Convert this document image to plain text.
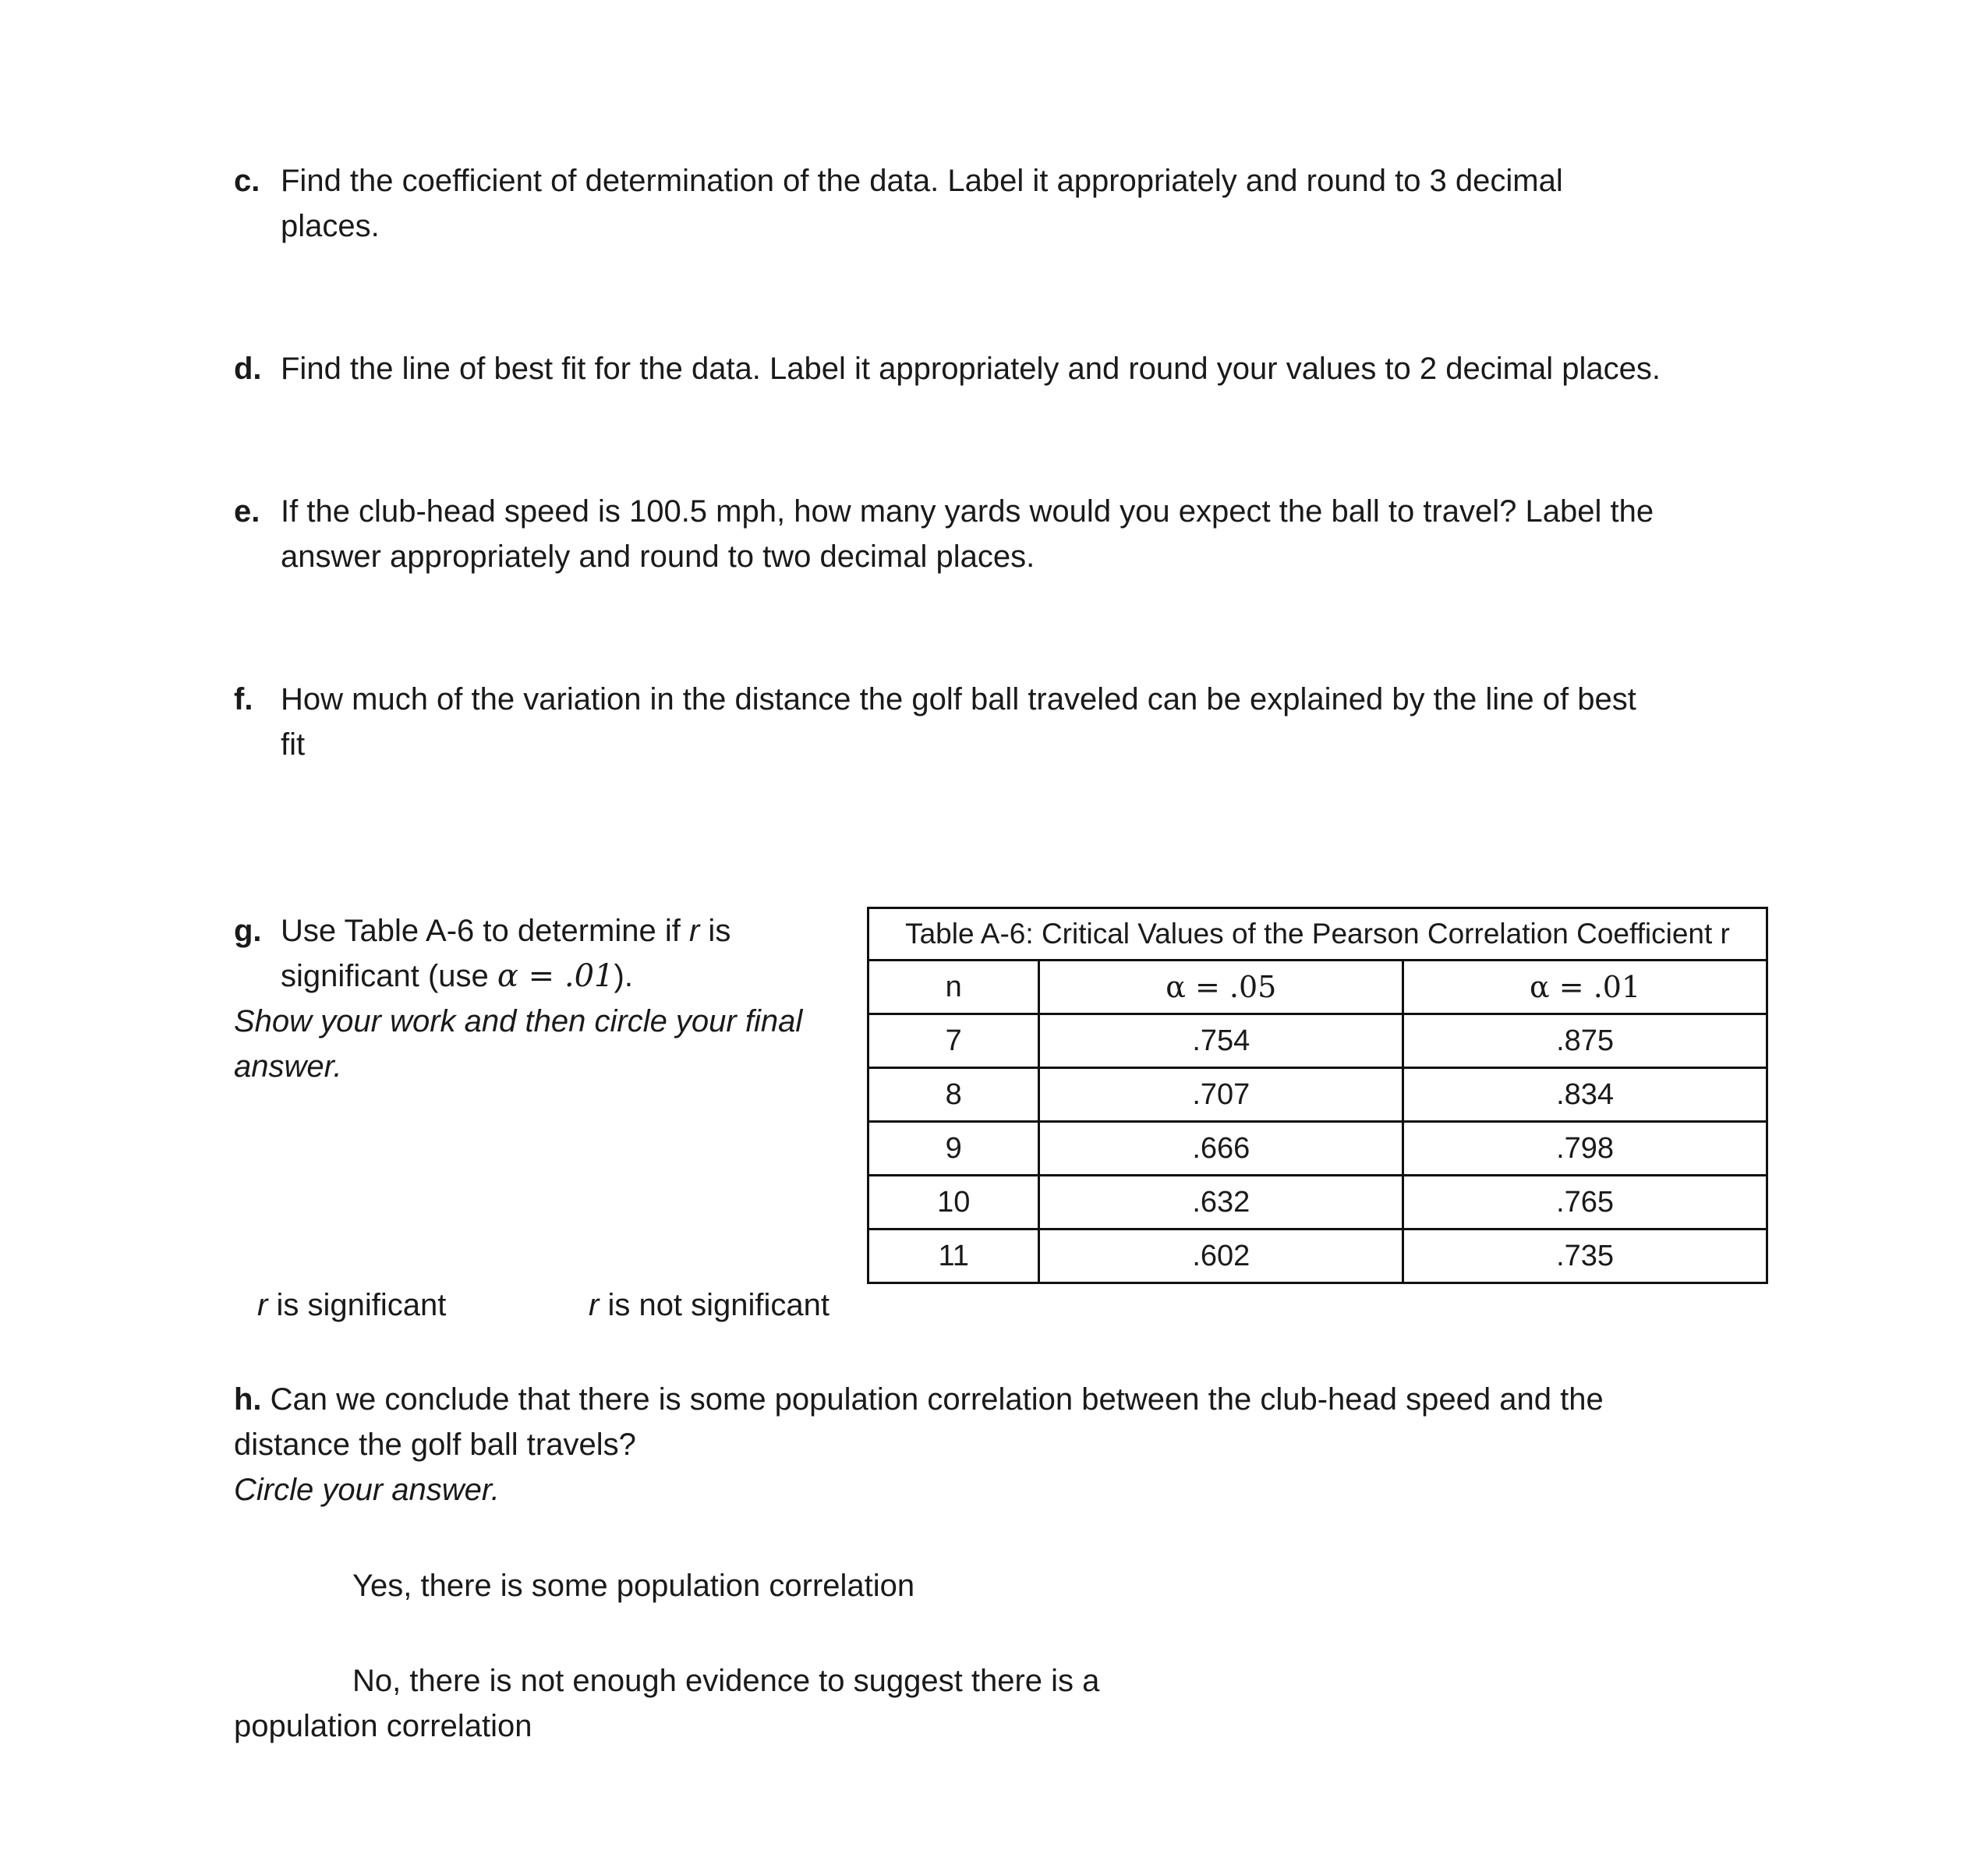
c. Find the coefficient of determination of the data. Label it appropriately and round to 3 decimal
places.
d. Find the line of best fit for the data. Label it appropriately and round your values to 2 decimal places.
e. If the club-head speed is 100.5 mph, how many yards would you expect the ball to travel? Label the
answer appropriately and round to two decimal places.
f. How much of the variation in the distance the golf ball traveled can be explained by the line of best
fit
g. Use Table A-6 to determine if r is
significant (use α = .01).
Show your work and then circle your final
answer.
r is significant	r is not significant
Table A-6: Critical Values of the Pearson Correlation Coefficient r		
n	α = .05	α = .01
7	.754	.875
8	.707	.834
9	.666	.798
10	.632	.765
11	.602	.735
h. Can we conclude that there is some population correlation between the club-head speed and the
distance the golf ball travels?
Circle your answer.
Yes, there is some population correlation
No, there is not enough evidence to suggest there is a
population correlation
